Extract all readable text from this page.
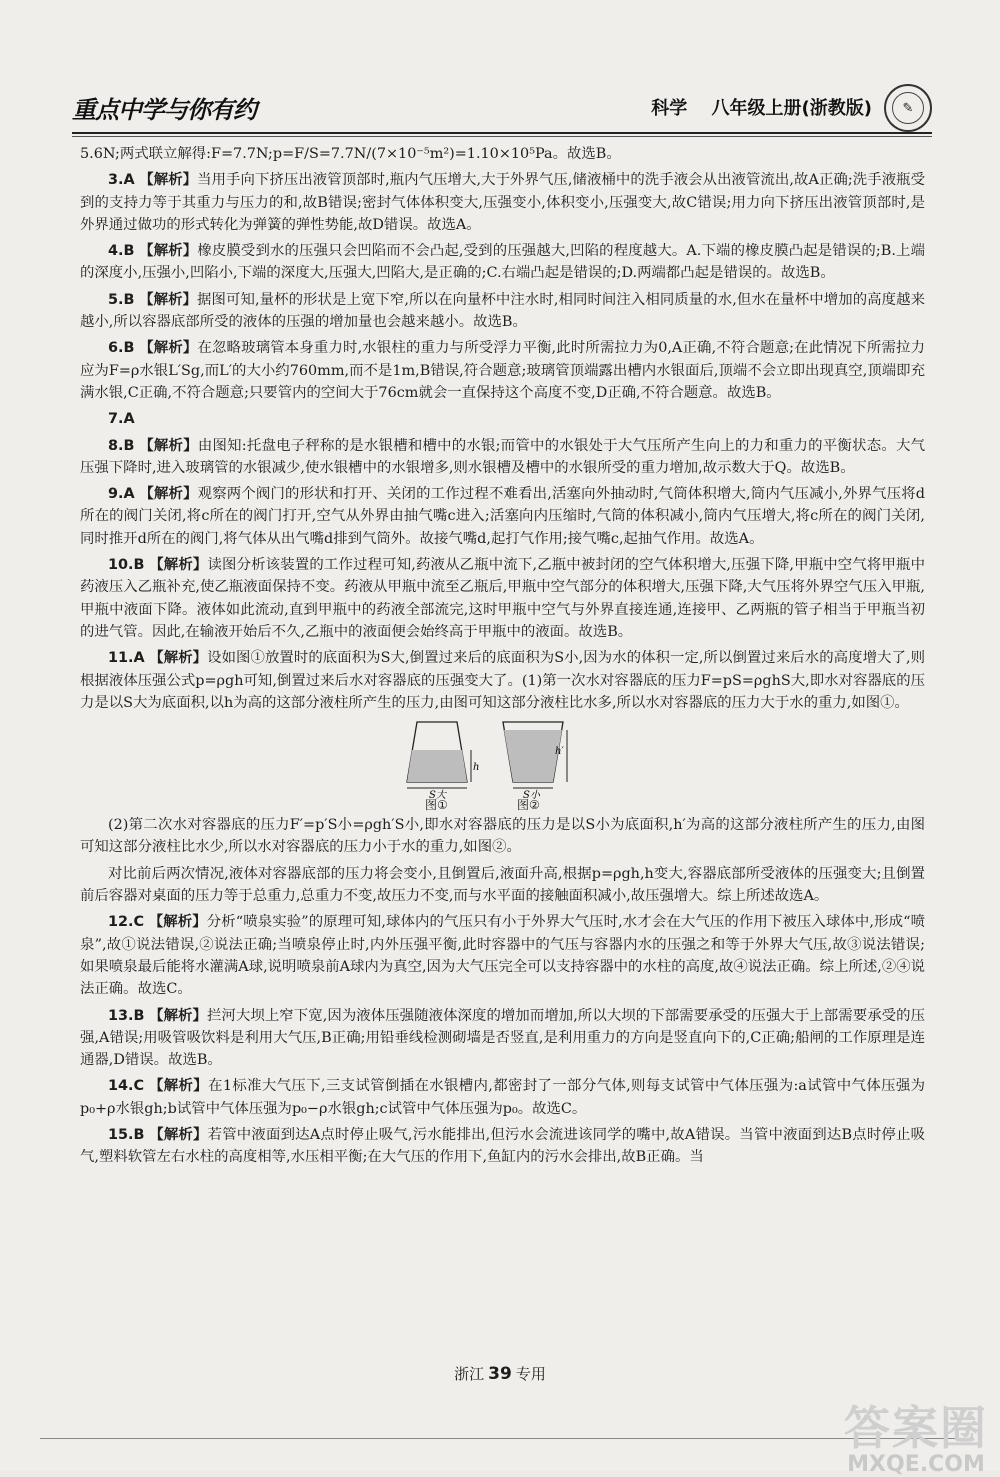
重点中学与你有约	科学 八年级上册(浙教版)	✎

5.6N;两式联立解得:F=7.7N;p=F/S=7.7N/(7×10⁻⁵m²)=1.10×10⁵Pa。故选B。

3.A 【解析】当用手向下挤压出液管顶部时,瓶内气压增大,大于外界气压,储液桶中的洗手液会从出液管流出,故A正确;洗手液瓶受到的支持力等于其重力与压力的和,故B错误;密封气体体积变大,压强变小,体积变小,压强变大,故C错误;用力向下挤压出液管顶部时,是外界通过做功的形式转化为弹簧的弹性势能,故D错误。故选A。

4.B 【解析】橡皮膜受到水的压强只会凹陷而不会凸起,受到的压强越大,凹陷的程度越大。A.下端的橡皮膜凸起是错误的;B.上端的深度小,压强小,凹陷小,下端的深度大,压强大,凹陷大,是正确的;C.右端凸起是错误的;D.两端都凸起是错误的。故选B。

5.B 【解析】据图可知,量杯的形状是上宽下窄,所以在向量杯中注水时,相同时间注入相同质量的水,但水在量杯中增加的高度越来越小,所以容器底部所受的液体的压强的增加量也会越来越小。故选B。

6.B 【解析】在忽略玻璃管本身重力时,水银柱的重力与所受浮力平衡,此时所需拉力为0,A正确,不符合题意;在此情况下所需拉力应为F=ρ水银L′Sg,而L′的大小约760mm,而不是1m,B错误,符合题意;玻璃管顶端露出槽内水银面后,顶端不会立即出现真空,顶端即充满水银,C正确,不符合题意;只要管内的空间大于76cm就会一直保持这个高度不变,D正确,不符合题意。故选B。

7.A

8.B 【解析】由图知:托盘电子秤称的是水银槽和槽中的水银;而管中的水银处于大气压所产生向上的力和重力的平衡状态。大气压强下降时,进入玻璃管的水银减少,使水银槽中的水银增多,则水银槽及槽中的水银所受的重力增加,故示数大于Q。故选B。

9.A 【解析】观察两个阀门的形状和打开、关闭的工作过程不难看出,活塞向外抽动时,气筒体积增大,筒内气压减小,外界气压将d所在的阀门关闭,将c所在的阀门打开,空气从外界由抽气嘴c进入;活塞向内压缩时,气筒的体积减小,筒内气压增大,将c所在的阀门关闭,同时推开d所在的阀门,将气体从出气嘴d排到气筒外。故接气嘴d,起打气作用;接气嘴c,起抽气作用。故选A。

10.B 【解析】读图分析该装置的工作过程可知,药液从乙瓶中流下,乙瓶中被封闭的空气体积增大,压强下降,甲瓶中空气将甲瓶中药液压入乙瓶补充,使乙瓶液面保持不变。药液从甲瓶中流至乙瓶后,甲瓶中空气部分的体积增大,压强下降,大气压将外界空气压入甲瓶,甲瓶中液面下降。液体如此流动,直到甲瓶中的药液全部流完,这时甲瓶中空气与外界直接连通,连接甲、乙两瓶的管子相当于甲瓶当初的进气管。因此,在输液开始后不久,乙瓶中的液面便会始终高于甲瓶中的液面。故选B。

11.A 【解析】设如图①放置时的底面积为S大,倒置过来后的底面积为S小,因为水的体积一定,所以倒置过来后水的高度增大了,则根据液体压强公式p=ρgh可知,倒置过来后水对容器底的压强变大了。(1)第一次水对容器底的压力F=pS=ρghS大,即水对容器底的压力是以S大为底面积,以h为高的这部分液柱所产生的压力,由图可知这部分液柱比水多,所以水对容器底的压力大于水的重力,如图①。

h
S大
h′
S小
图①	图②

(2)第二次水对容器底的压力F′=p′S小=ρgh′S小,即水对容器底的压力是以S小为底面积,h′为高的这部分液柱所产生的压力,由图可知这部分液柱比水少,所以水对容器底的压力小于水的重力,如图②。

对比前后两次情况,液体对容器底部的压力将会变小,且倒置后,液面升高,根据p=ρgh,h变大,容器底部所受液体的压强变大;且倒置前后容器对桌面的压力等于总重力,总重力不变,故压力不变,而与水平面的接触面积减小,故压强增大。综上所述故选A。

12.C 【解析】分析“喷泉实验”的原理可知,球体内的气压只有小于外界大气压时,水才会在大气压的作用下被压入球体中,形成“喷泉”,故①说法错误,②说法正确;当喷泉停止时,内外压强平衡,此时容器中的气压与容器内水的压强之和等于外界大气压,故③说法错误;如果喷泉最后能将水灌满A球,说明喷泉前A球内为真空,因为大气压完全可以支持容器中的水柱的高度,故④说法正确。综上所述,②④说法正确。故选C。

13.B 【解析】拦河大坝上窄下宽,因为液体压强随液体深度的增加而增加,所以大坝的下部需要承受的压强大于上部需要承受的压强,A错误;用吸管吸饮料是利用大气压,B正确;用铅垂线检测砌墙是否竖直,是利用重力的方向是竖直向下的,C正确;船闸的工作原理是连通器,D错误。故选B。

14.C 【解析】在1标准大气压下,三支试管倒插在水银槽内,都密封了一部分气体,则每支试管中气体压强为:a试管中气体压强为p₀+ρ水银gh;b试管中气体压强为p₀−ρ水银gh;c试管中气体压强为p₀。故选C。

15.B 【解析】若管中液面到达A点时停止吸气,污水能排出,但污水会流进该同学的嘴中,故A错误。当管中液面到达B点时停止吸气,塑料软管左右水柱的高度相等,水压相平衡;在大气压的作用下,鱼缸内的污水会排出,故B正确。当

浙江 39 专用
答案圈
MXQE.COM
